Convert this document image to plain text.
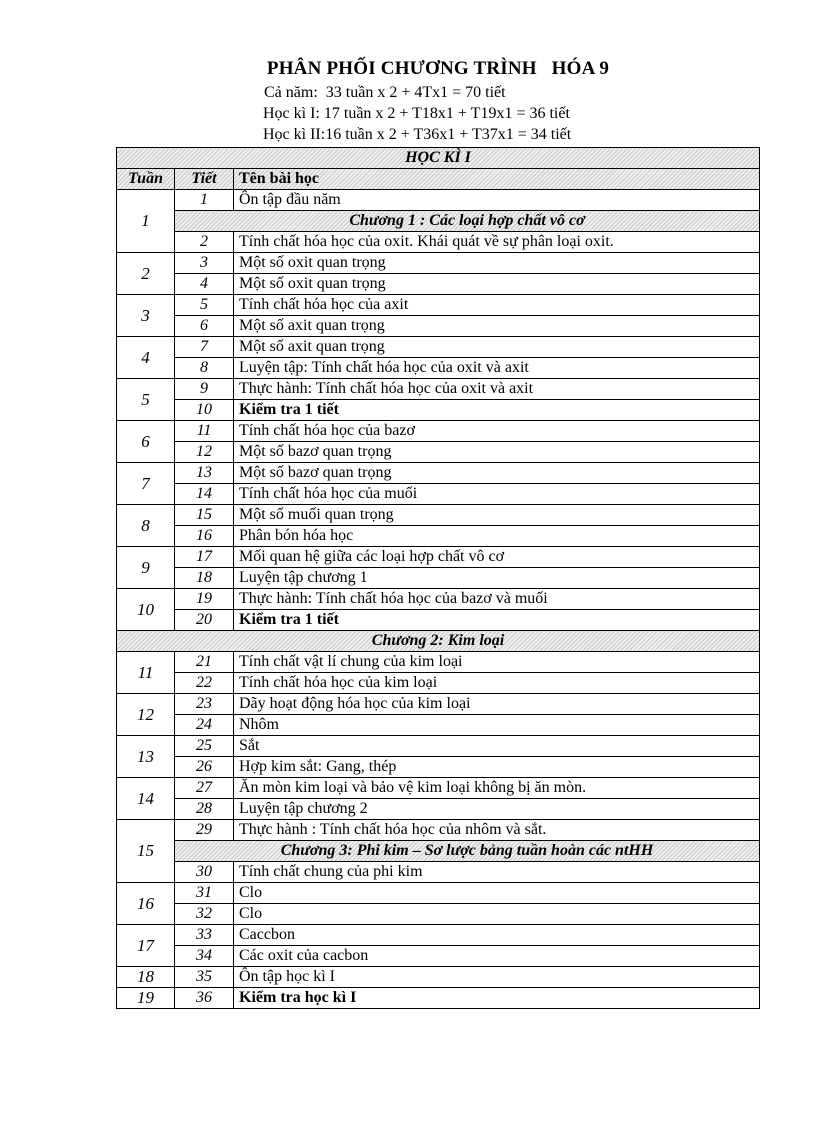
PHÂN PHỐI CHƯƠNG TRÌNH   HÓA 9
Cả năm:  33 tuần x 2 + 4Tx1 = 70 tiết
Học kì I: 17 tuần x 2 + T18x1 + T19x1 = 36 tiết
Học kì II:16 tuần x 2 + T36x1 + T37x1 = 34 tiết
HỌC KÌ I		
Tuần	Tiết	Tên bài học
1	1	Ôn tập đầu năm
	Chương 1 : Các loại hợp chất vô cơ	
	2	Tính chất hóa học của oxit. Khái quát về sự phân loại oxit.
2	3	Một số oxit quan trọng
	4	Một số oxit quan trọng
3	5	Tính chất hóa học của axit
	6	Một số axit quan trọng
4	7	Một số axit quan trọng
	8	Luyện tập: Tính chất hóa học của oxit và axit
5	9	Thực hành: Tính chất hóa học của oxit và axit
	10	Kiểm tra 1 tiết
6	11	Tính chất hóa học của bazơ
	12	Một số bazơ quan trọng
7	13	Một số bazơ quan trọng
	14	Tính chất hóa học của muối
8	15	Một số muối quan trọng
	16	Phân bón hóa học
9	17	Mối quan hệ giữa các loại hợp chất vô cơ
	18	Luyện tập chương 1
10	19	Thực hành: Tính chất hóa học của bazơ và muối
	20	Kiểm tra 1 tiết
Chương 2: Kim loại		
11	21	Tính chất vật lí chung của kim loại
	22	Tính chất hóa học của kim loại
12	23	Dãy hoạt động hóa học của kim loại
	24	Nhôm
13	25	Sắt
	26	Hợp kim sắt: Gang, thép
14	27	Ăn mòn kim loại và bảo vệ kim loại không bị ăn mòn.
	28	Luyện tập chương 2
15	29	Thực hành : Tính chất hóa học của nhôm và sắt.
	Chương 3: Phi kim – Sơ lược bảng tuần hoàn các ntHH	
	30	Tính chất chung của phi kim
16	31	Clo
	32	Clo
17	33	Caccbon
	34	Các oxit của cacbon
18	35	Ôn tập học kì I
19	36	Kiểm tra học kì I
